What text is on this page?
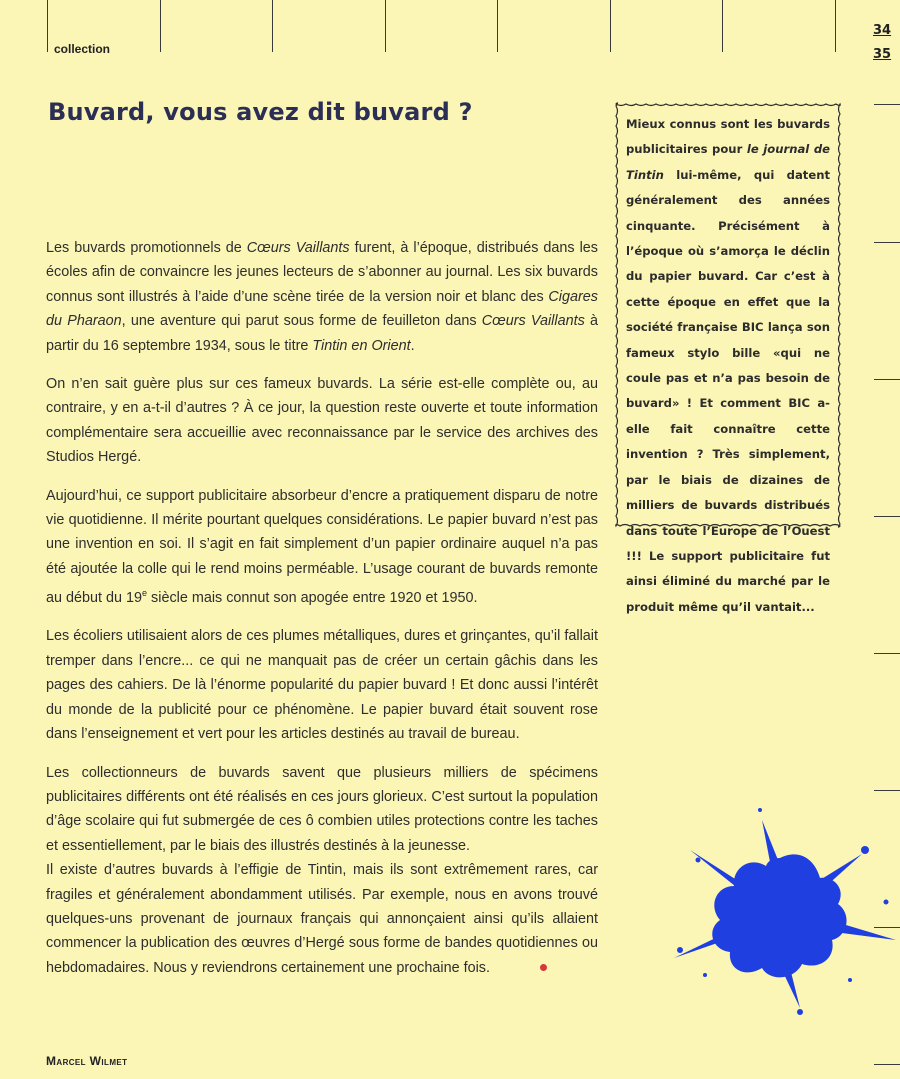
collection
34
35
Buvard, vous avez dit buvard ?

Les buvards promotionnels de Cœurs Vaillants furent, à l’époque, distribués dans les écoles afin de convaincre les jeunes lecteurs de s’abonner au journal. Les six buvards connus sont illustrés à l’aide d’une scène tirée de la version noir et blanc des Cigares du Pharaon, une aventure qui parut sous forme de feuilleton dans Cœurs Vaillants à partir du 16 septembre 1934, sous le titre Tintin en Orient.

On n’en sait guère plus sur ces fameux buvards. La série est-elle complète ou, au contraire, y en a-t-il d’autres ? À ce jour, la question reste ouverte et toute information complémentaire sera accueillie avec reconnaissance par le service des archives des Studios Hergé.

Aujourd’hui, ce support publicitaire absorbeur d’encre a pratiquement disparu de notre vie quotidienne. Il mérite pourtant quelques considérations. Le papier buvard n’est pas une invention en soi. Il s’agit en fait simplement d’un papier ordinaire auquel n’a pas été ajoutée la colle qui le rend moins perméable. L’usage courant de buvards remonte au début du 19e siècle mais connut son apogée entre 1920 et 1950.

Les écoliers utilisaient alors de ces plumes métalliques, dures et grinçantes, qu’il fallait tremper dans l’encre... ce qui ne manquait pas de créer un certain gâchis dans les pages des cahiers. De là l’énorme popularité du papier buvard ! Et donc aussi l’intérêt du monde de la publicité pour ce phénomène. Le papier buvard était souvent rose dans l’enseignement et vert pour les articles destinés au travail de bureau.

Les collectionneurs de buvards savent que plusieurs milliers de spécimens publicitaires différents ont été réalisés en ces jours glorieux. C’est surtout la population d’âge scolaire qui fut submergée de ces ô combien utiles protections contre les taches et essentiellement, par le biais des illustrés destinés à la jeunesse.

Il existe d’autres buvards à l’effigie de Tintin, mais ils sont extrêmement rares, car fragiles et généralement abondamment utilisés. Par exemple, nous en avons trouvé quelques-uns provenant de journaux français qui annonçaient ainsi qu’ils allaient commencer la publication des œuvres d’Hergé sous forme de bandes quotidiennes ou hebdomadaires. Nous y reviendrons certainement une prochaine fois.

Mieux connus sont les buvards publicitaires pour le journal de Tintin lui-même, qui datent généralement des années cinquante. Précisément à l’époque où s’amorça le déclin du papier buvard. Car c’est à cette époque en effet que la société française BIC lança son fameux stylo bille «qui ne coule pas et n’a pas besoin de buvard» ! Et comment BIC a-elle fait connaître cette invention ? Très simplement, par le biais de dizaines de milliers de buvards distribués dans toute l’Europe de l’Ouest !!! Le support publicitaire fut ainsi éliminé du marché par le produit même qu’il vantait...
Marcel Wilmet
